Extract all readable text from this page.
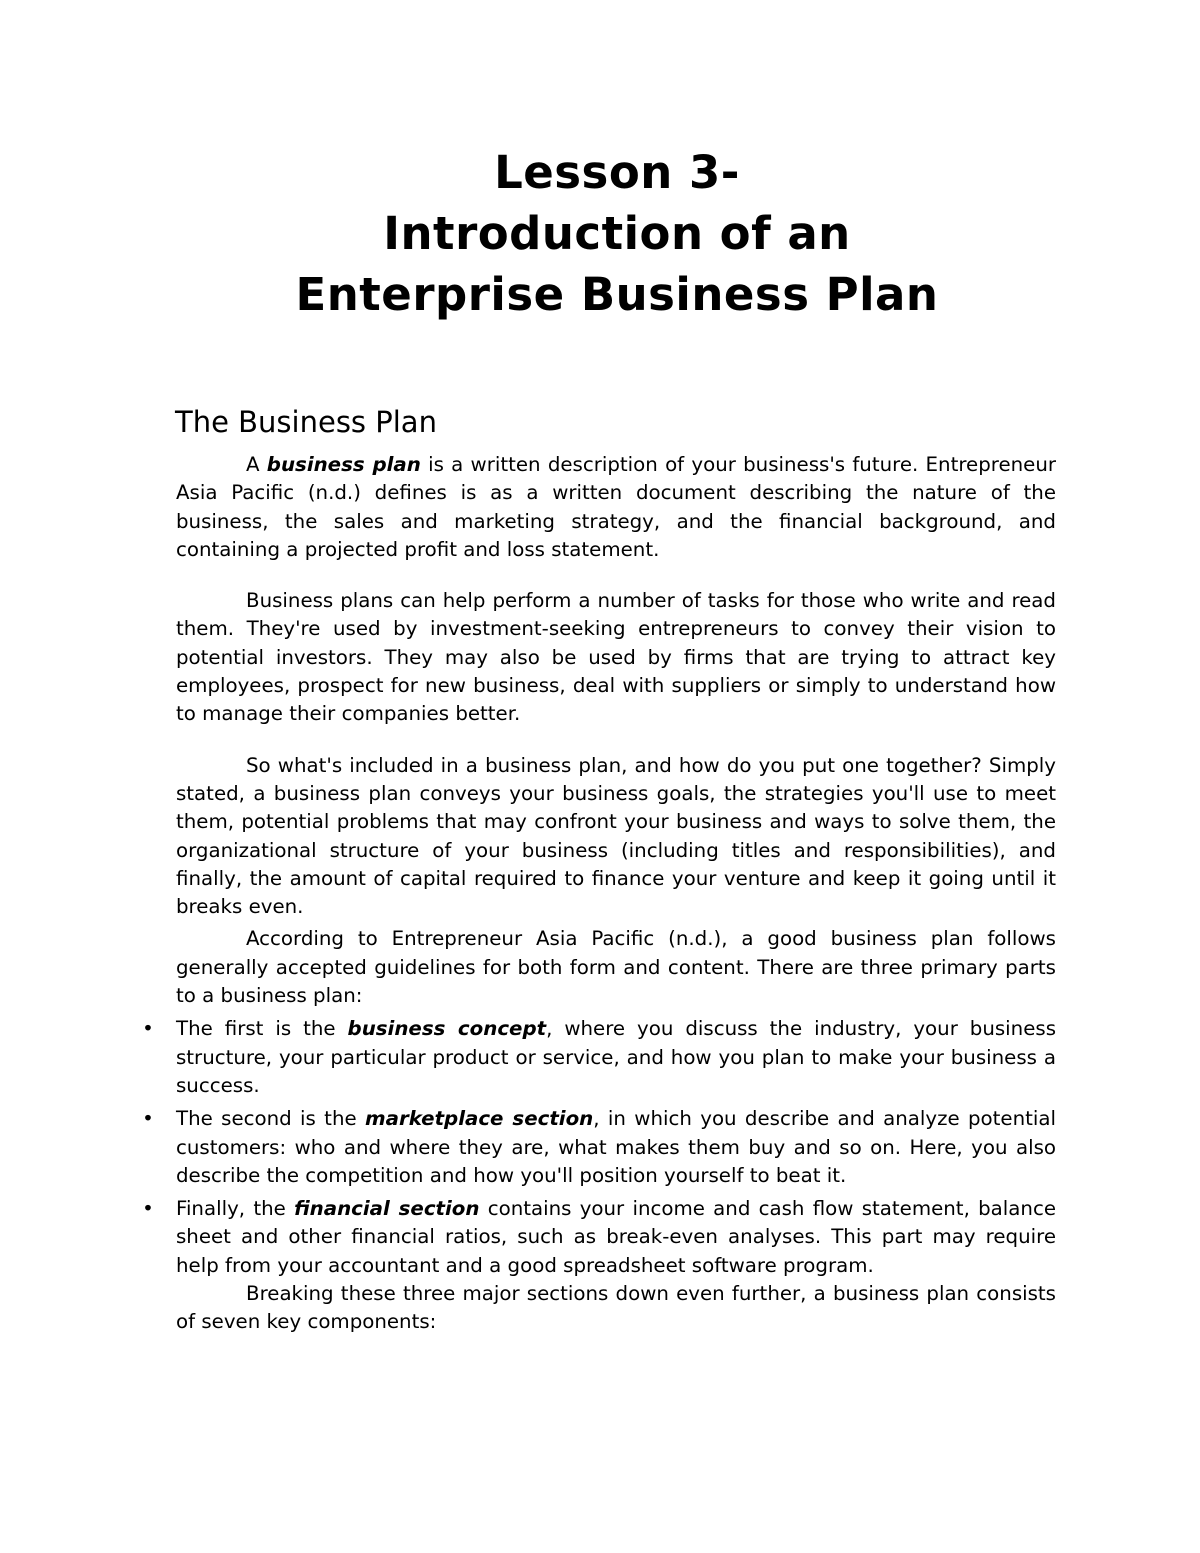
Lesson 3-
Introduction of an
Enterprise Business Plan
The Business Plan

A business plan is a written description of your business's future. Entrepreneur Asia Pacific (n.d.) defines is as a written document describing the nature of the business, the sales and marketing strategy, and the financial background, and containing a projected profit and loss statement.

Business plans can help perform a number of tasks for those who write and read them. They're used by investment-seeking entrepreneurs to convey their vision to potential investors. They may also be used by firms that are trying to attract key employees, prospect for new business, deal with suppliers or simply to understand how to manage their companies better.

So what's included in a business plan, and how do you put one together? Simply stated, a business plan conveys your business goals, the strategies you'll use to meet them, potential problems that may confront your business and ways to solve them, the organizational structure of your business (including titles and responsibilities), and finally, the amount of capital required to finance your venture and keep it going until it breaks even.

According to Entrepreneur Asia Pacific (n.d.), a good business plan follows generally accepted guidelines for both form and content. There are three primary parts to a business plan:

• The first is the business concept, where you discuss the industry, your business structure, your particular product or service, and how you plan to make your business a success.
• The second is the marketplace section, in which you describe and analyze potential customers: who and where they are, what makes them buy and so on. Here, you also describe the competition and how you'll position yourself to beat it.
• Finally, the financial section contains your income and cash flow statement, balance sheet and other financial ratios, such as break-even analyses. This part may require help from your accountant and a good spreadsheet software program.

Breaking these three major sections down even further, a business plan consists of seven key components:
